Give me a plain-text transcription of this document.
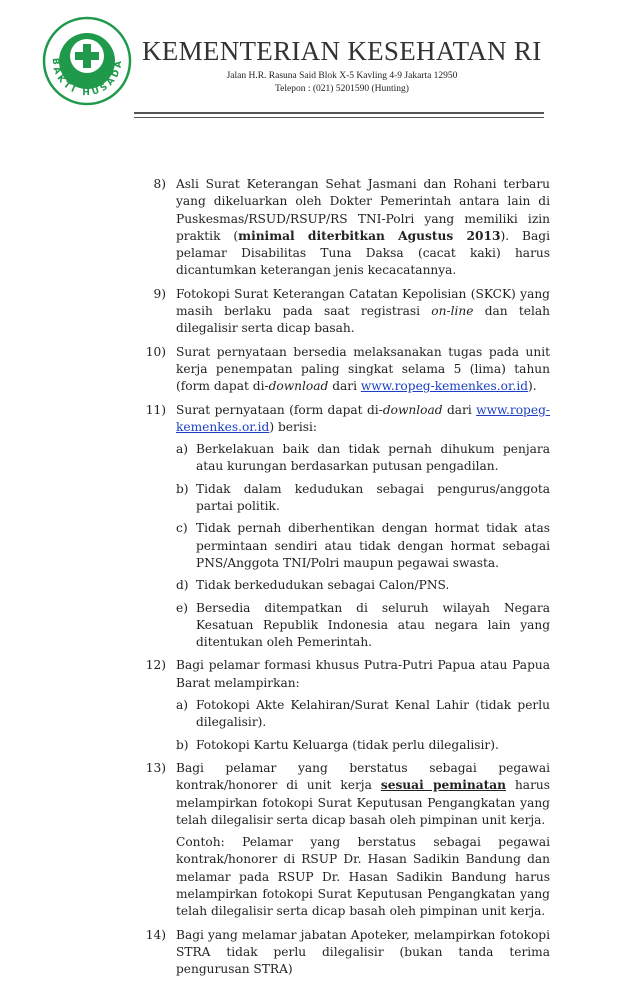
BAKTI HUSADA KEMENTERIAN KESEHATAN RI
Jalan H.R. Rasuna Said Blok X-5 Kavling 4-9 Jakarta 12950
Telepon : (021) 5201590 (Hunting)
8) Asli Surat Keterangan Sehat Jasmani dan Rohani terbaru yang dikeluarkan oleh Dokter Pemerintah antara lain di Puskesmas/RSUD/RSUP/RS TNI-Polri yang memiliki izin praktik (minimal diterbitkan Agustus 2013). Bagi pelamar Disabilitas Tuna Daksa (cacat kaki) harus dicantumkan keterangan jenis kecacatannya.
9) Fotokopi Surat Keterangan Catatan Kepolisian (SKCK) yang masih berlaku pada saat registrasi on-line dan telah dilegalisir serta dicap basah.
10) Surat pernyataan bersedia melaksanakan tugas pada unit kerja penempatan paling singkat selama 5 (lima) tahun (form dapat di-download dari www.ropeg-kemenkes.or.id).
11) Surat pernyataan (form dapat di-download dari www.ropeg-kemenkes.or.id) berisi:
a) Berkelakuan baik dan tidak pernah dihukum penjara atau kurungan berdasarkan putusan pengadilan.
b) Tidak dalam kedudukan sebagai pengurus/anggota partai politik.
c) Tidak pernah diberhentikan dengan hormat tidak atas permintaan sendiri atau tidak dengan hormat sebagai PNS/Anggota TNI/Polri maupun pegawai swasta.
d) Tidak berkedudukan sebagai Calon/PNS.
e) Bersedia ditempatkan di seluruh wilayah Negara Kesatuan Republik Indonesia atau negara lain yang ditentukan oleh Pemerintah.
12) Bagi pelamar formasi khusus Putra-Putri Papua atau Papua Barat melampirkan:
a) Fotokopi Akte Kelahiran/Surat Kenal Lahir (tidak perlu dilegalisir).
b) Fotokopi Kartu Keluarga (tidak perlu dilegalisir).
13) Bagi pelamar yang berstatus sebagai pegawai kontrak/honorer di unit kerja sesuai peminatan harus melampirkan fotokopi Surat Keputusan Pengangkatan yang telah dilegalisir serta dicap basah oleh pimpinan unit kerja.
Contoh: Pelamar yang berstatus sebagai pegawai kontrak/honorer di RSUP Dr. Hasan Sadikin Bandung dan melamar pada RSUP Dr. Hasan Sadikin Bandung harus melampirkan fotokopi Surat Keputusan Pengangkatan yang telah dilegalisir serta dicap basah oleh pimpinan unit kerja.
14) Bagi yang melamar jabatan Apoteker, melampirkan fotokopi STRA tidak perlu dilegalisir (bukan tanda terima pengurusan STRA)
